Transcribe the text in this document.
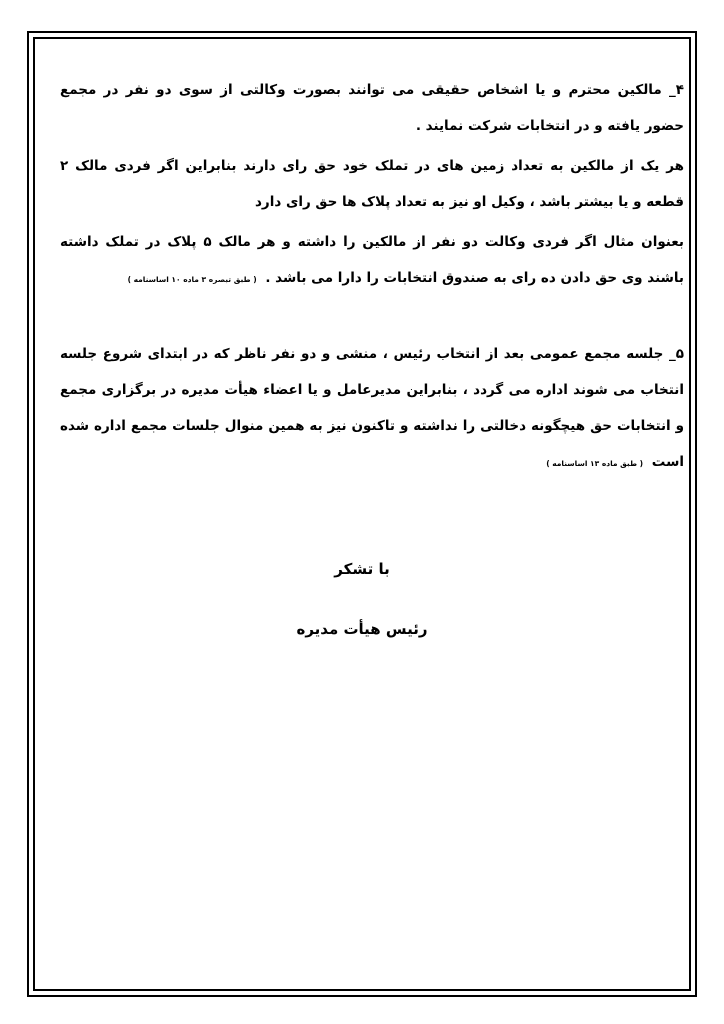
۴_ مالکین محترم و یا اشخاص حقیقی می توانند بصورت وکالتی از سوی دو نفر در مجمع حضور یافته و در انتخابات شرکت نمایند .

هر یک از مالکین به تعداد زمین های در تملک خود حق رای دارند بنابراین اگر فردی مالک ۲ قطعه و یا بیشتر باشد ، وکیل او نیز به تعداد پلاک ها حق رای دارد

بعنوان مثال اگر فردی وکالت دو نفر از مالکین را داشته و هر مالک ۵ پلاک در تملک داشته باشند وی حق دادن ده رای به صندوق انتخابات را دارا می باشد . ( طبق تبصره ۳ ماده ۱۰ اساسنامه )

۵_ جلسه مجمع عمومی بعد از انتخاب رئیس ، منشی و دو نفر ناظر که در ابتدای شروع جلسه انتخاب می شوند اداره می گردد ، بنابراین مدیرعامل و یا اعضاء هیأت مدیره در برگزاری مجمع و انتخابات حق هیچگونه دخالتی را نداشته و تاکنون نیز به همین منوال جلسات مجمع اداره شده است ( طبق ماده ۱۳ اساسنامه )

با تشکر
رئیس هیأت مدیره
